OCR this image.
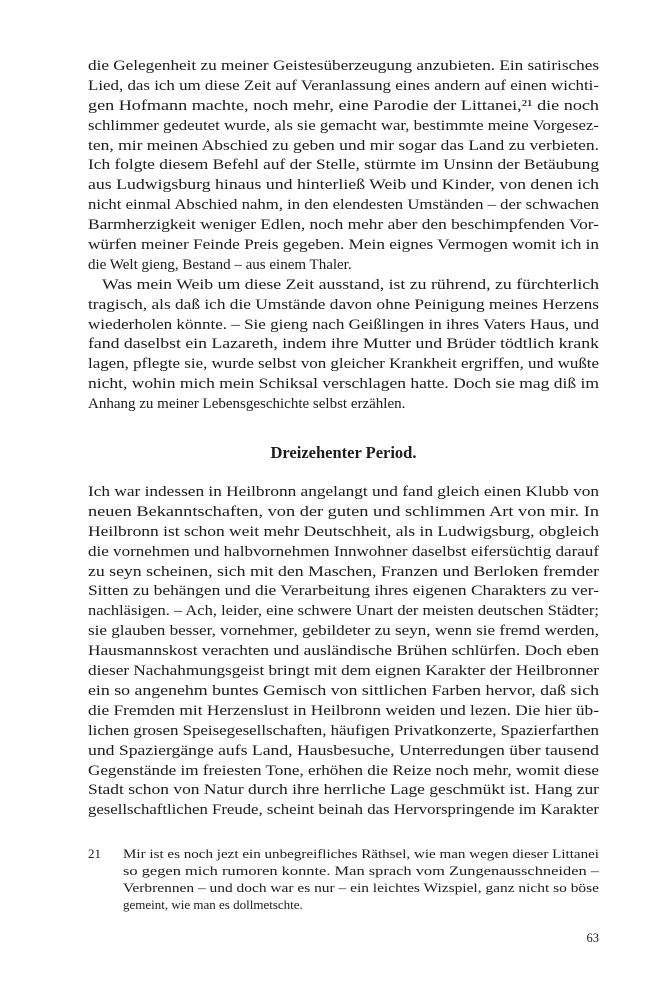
die Gelegenheit zu meiner Geistesüberzeugung anzubieten. Ein satirisches
Lied, das ich um diese Zeit auf Veranlassung eines andern auf einen wichti-
gen Hofmann machte, noch mehr, eine Parodie der Littanei,²¹ die noch
schlimmer gedeutet wurde, als sie gemacht war, bestimmte meine Vorgesez-
ten, mir meinen Abschied zu geben und mir sogar das Land zu verbieten.
Ich folgte diesem Befehl auf der Stelle, stürmte im Unsinn der Betäubung
aus Ludwigsburg hinaus und hinterließ Weib und Kinder, von denen ich
nicht einmal Abschied nahm, in den elendesten Umständen – der schwachen
Barmherzigkeit weniger Edlen, noch mehr aber den beschimpfenden Vor-
würfen meiner Feinde Preis gegeben. Mein eignes Vermogen womit ich in
die Welt gieng, Bestand – aus einem Thaler.
Was mein Weib um diese Zeit ausstand, ist zu rührend, zu fürchterlich
tragisch, als daß ich die Umstände davon ohne Peinigung meines Herzens
wiederholen könnte. – Sie gieng nach Geißlingen in ihres Vaters Haus, und
fand daselbst ein Lazareth, indem ihre Mutter und Brüder tödtlich krank
lagen, pflegte sie, wurde selbst von gleicher Krankheit ergriffen, und wußte
nicht, wohin mich mein Schiksal verschlagen hatte. Doch sie mag diß im
Anhang zu meiner Lebensgeschichte selbst erzählen.
Dreizehenter Period.
Ich war indessen in Heilbronn angelangt und fand gleich einen Klubb von
neuen Bekanntschaften, von der guten und schlimmen Art von mir. In
Heilbronn ist schon weit mehr Deutschheit, als in Ludwigsburg, obgleich
die vornehmen und halbvornehmen Innwohner daselbst eifersüchtig darauf
zu seyn scheinen, sich mit den Maschen, Franzen und Berloken fremder
Sitten zu behängen und die Verarbeitung ihres eigenen Charakters zu ver-
nachläsigen. – Ach, leider, eine schwere Unart der meisten deutschen Städter;
sie glauben besser, vornehmer, gebildeter zu seyn, wenn sie fremd werden,
Hausmannskost verachten und ausländische Brühen schlürfen. Doch eben
dieser Nachahmungsgeist bringt mit dem eignen Karakter der Heilbronner
ein so angenehm buntes Gemisch von sittlichen Farben hervor, daß sich
die Fremden mit Herzenslust in Heilbronn weiden und lezen. Die hier üb-
lichen grosen Speisegesellschaften, häufigen Privatkonzerte, Spazierfarthen
und Spaziergänge aufs Land, Hausbesuche, Unterredungen über tausend
Gegenstände im freiesten Tone, erhöhen die Reize noch mehr, womit diese
Stadt schon von Natur durch ihre herrliche Lage geschmükt ist. Hang zur
gesellschaftlichen Freude, scheint beinah das Hervorspringende im Karakter
21 Mir ist es noch jezt ein unbegreifliches Räthsel, wie man wegen dieser Littanei
so gegen mich rumoren konnte. Man sprach vom Zungenausschneiden –
Verbrennen – und doch war es nur – ein leichtes Wizspiel, ganz nicht so böse
gemeint, wie man es dollmetschte.
63
